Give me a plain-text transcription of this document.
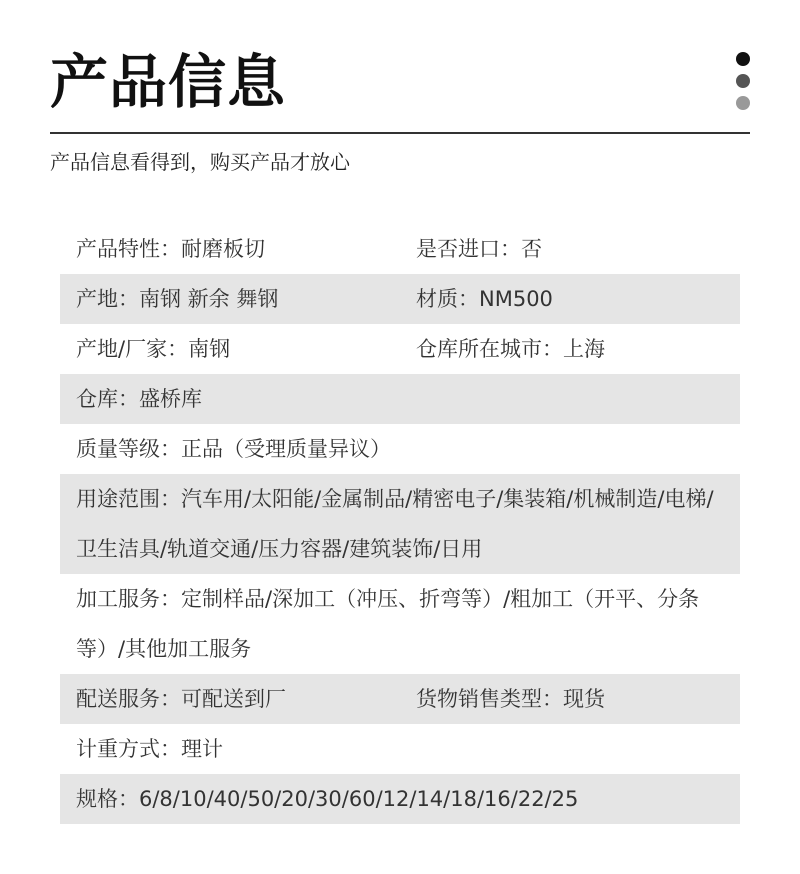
产品信息
产品信息看得到，购买产品才放心
产品特性：耐磨板切	是否进口：否
产地：南钢 新余 舞钢	材质：NM500
产地/厂家：南钢	仓库所在城市：上海
仓库：盛桥库
质量等级：正品（受理质量异议）
用途范围：汽车用/太阳能/金属制品/精密电子/集装箱/机械制造/电梯/卫生洁具/轨道交通/压力容器/建筑装饰/日用
加工服务：定制样品/深加工（冲压、折弯等）/粗加工（开平、分条等）/其他加工服务
配送服务：可配送到厂	货物销售类型：现货
计重方式：理计
规格：6/8/10/40/50/20/30/60/12/14/18/16/22/25
